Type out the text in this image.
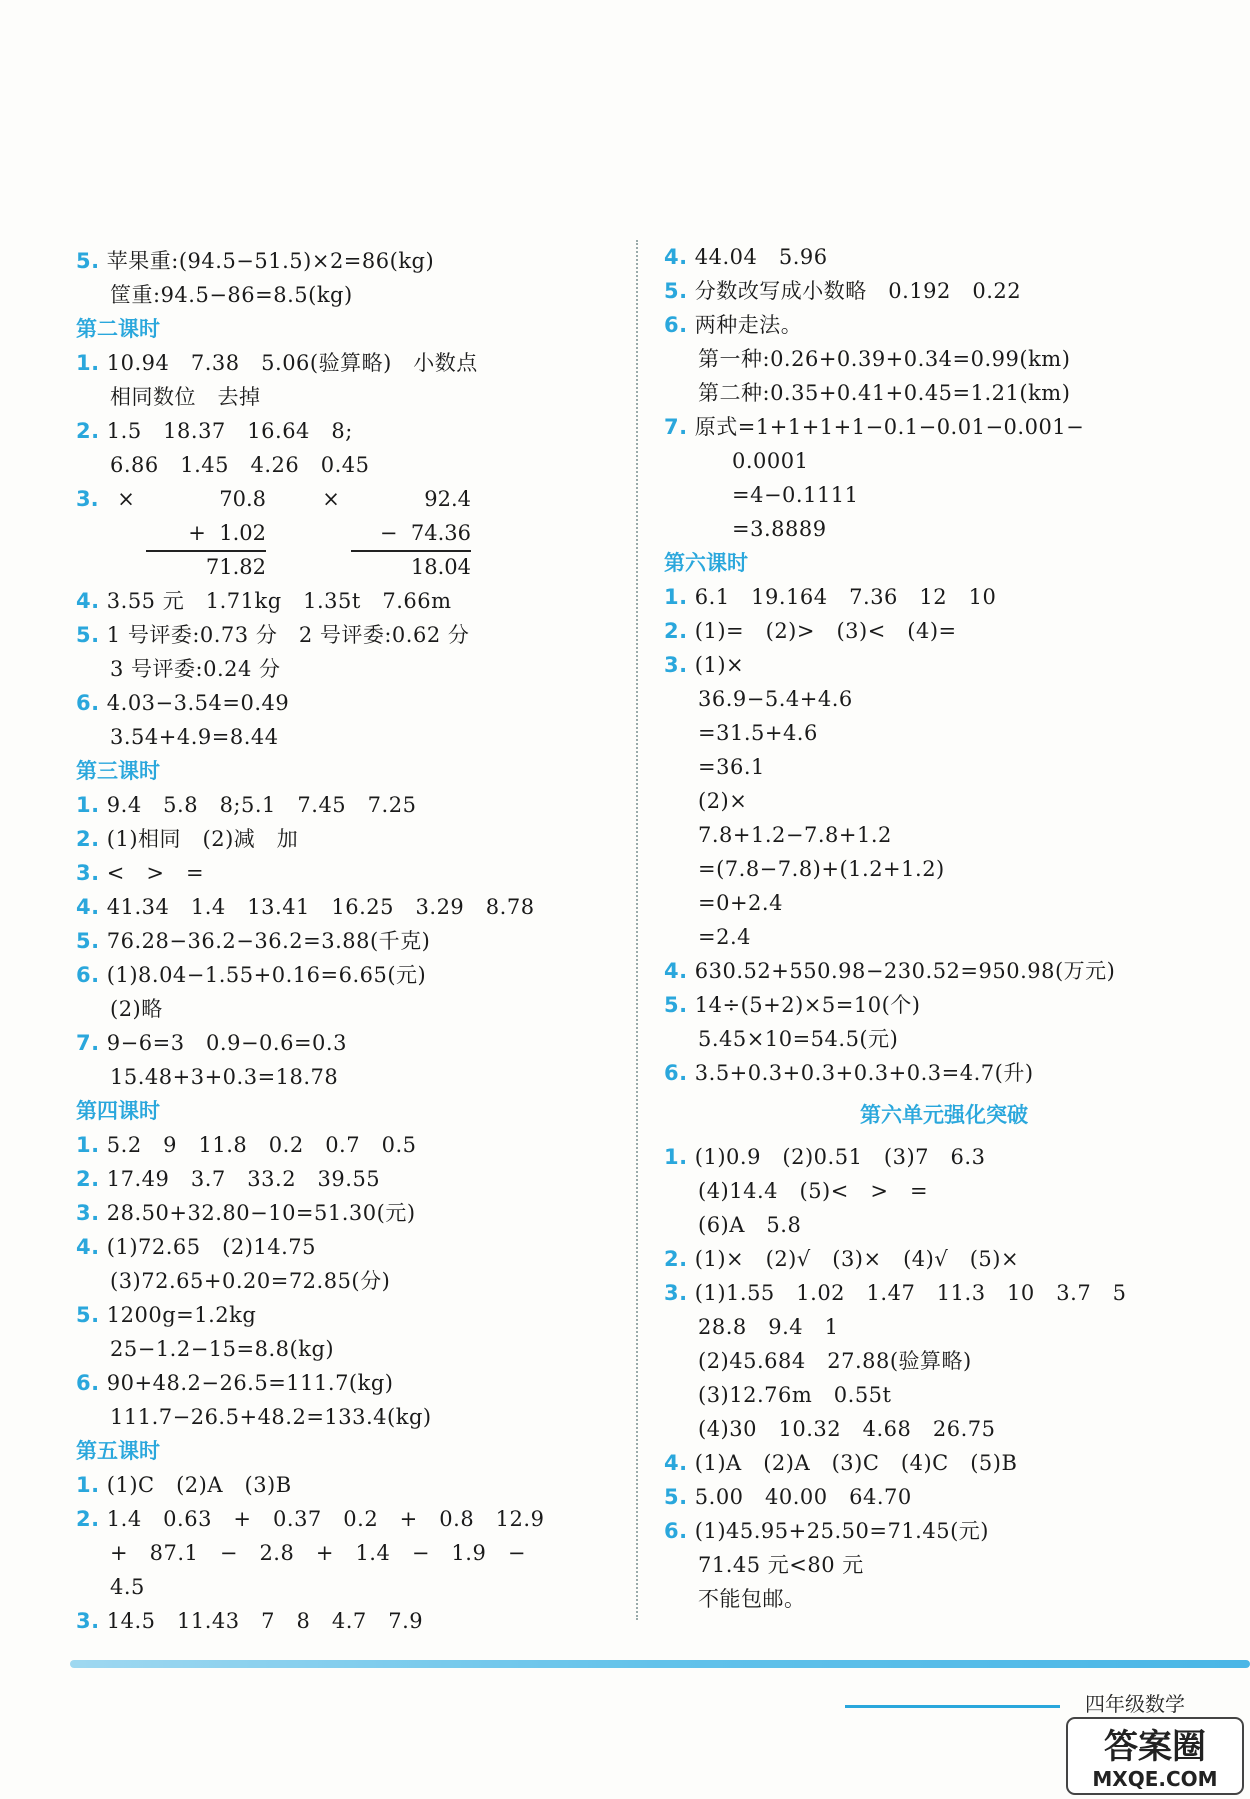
5. 苹果重:(94.5−51.5)×2=86(kg)
筐重:94.5−86=8.5(kg)
第二课时
1. 10.94　7.38　5.06(验算略)　小数点
相同数位　去掉
2. 1.5　18.37　16.64　8;
6.86　1.45　4.26　0.45
3. ×	70.8
+  1.02
71.82
×	92.4
−  74.36
18.04
4. 3.55 元　1.71kg　1.35t　7.66m
5. 1 号评委:0.73 分　2 号评委:0.62 分
3 号评委:0.24 分
6. 4.03−3.54=0.49
3.54+4.9=8.44
第三课时
1. 9.4　5.8　8;5.1　7.45　7.25
2. (1)相同　(2)减　加
3. <　>　=
4. 41.34　1.4　13.41　16.25　3.29　8.78
5. 76.28−36.2−36.2=3.88(千克)
6. (1)8.04−1.55+0.16=6.65(元)
(2)略
7. 9−6=3　0.9−0.6=0.3
15.48+3+0.3=18.78
第四课时
1. 5.2　9　11.8　0.2　0.7　0.5
2. 17.49　3.7　33.2　39.55
3. 28.50+32.80−10=51.30(元)
4. (1)72.65　(2)14.75
(3)72.65+0.20=72.85(分)
5. 1200g=1.2kg
25−1.2−15=8.8(kg)
6. 90+48.2−26.5=111.7(kg)
111.7−26.5+48.2=133.4(kg)
第五课时
1. (1)C　(2)A　(3)B
2. 1.4　0.63　+　0.37　0.2　+　0.8　12.9
+　87.1　−　2.8　+　1.4　−　1.9　−
4.5
3. 14.5　11.43　7　8　4.7　7.9
4. 44.04　5.96
5. 分数改写成小数略　0.192　0.22
6. 两种走法。
第一种:0.26+0.39+0.34=0.99(km)
第二种:0.35+0.41+0.45=1.21(km)
7. 原式=1+1+1+1−0.1−0.01−0.001−
0.0001
=4−0.1111
=3.8889
第六课时
1. 6.1　19.164　7.36　12　10
2. (1)=　(2)>　(3)<　(4)=
3. (1)×
36.9−5.4+4.6
=31.5+4.6
=36.1
(2)×
7.8+1.2−7.8+1.2
=(7.8−7.8)+(1.2+1.2)
=0+2.4
=2.4
4. 630.52+550.98−230.52=950.98(万元)
5. 14÷(5+2)×5=10(个)
5.45×10=54.5(元)
6. 3.5+0.3+0.3+0.3+0.3=4.7(升)
第六单元强化突破
1. (1)0.9　(2)0.51　(3)7　6.3
(4)14.4　(5)<　>　=
(6)A　5.8
2. (1)×　(2)√　(3)×　(4)√　(5)×
3. (1)1.55　1.02　1.47　11.3　10　3.7　5
28.8　9.4　1
(2)45.684　27.88(验算略)
(3)12.76m　0.55t
(4)30　10.32　4.68　26.75
4. (1)A　(2)A　(3)C　(4)C　(5)B
5. 5.00　40.00　64.70
6. (1)45.95+25.50=71.45(元)
71.45 元<80 元
不能包邮。
四年级数学
答案圈
MXQE.COM
